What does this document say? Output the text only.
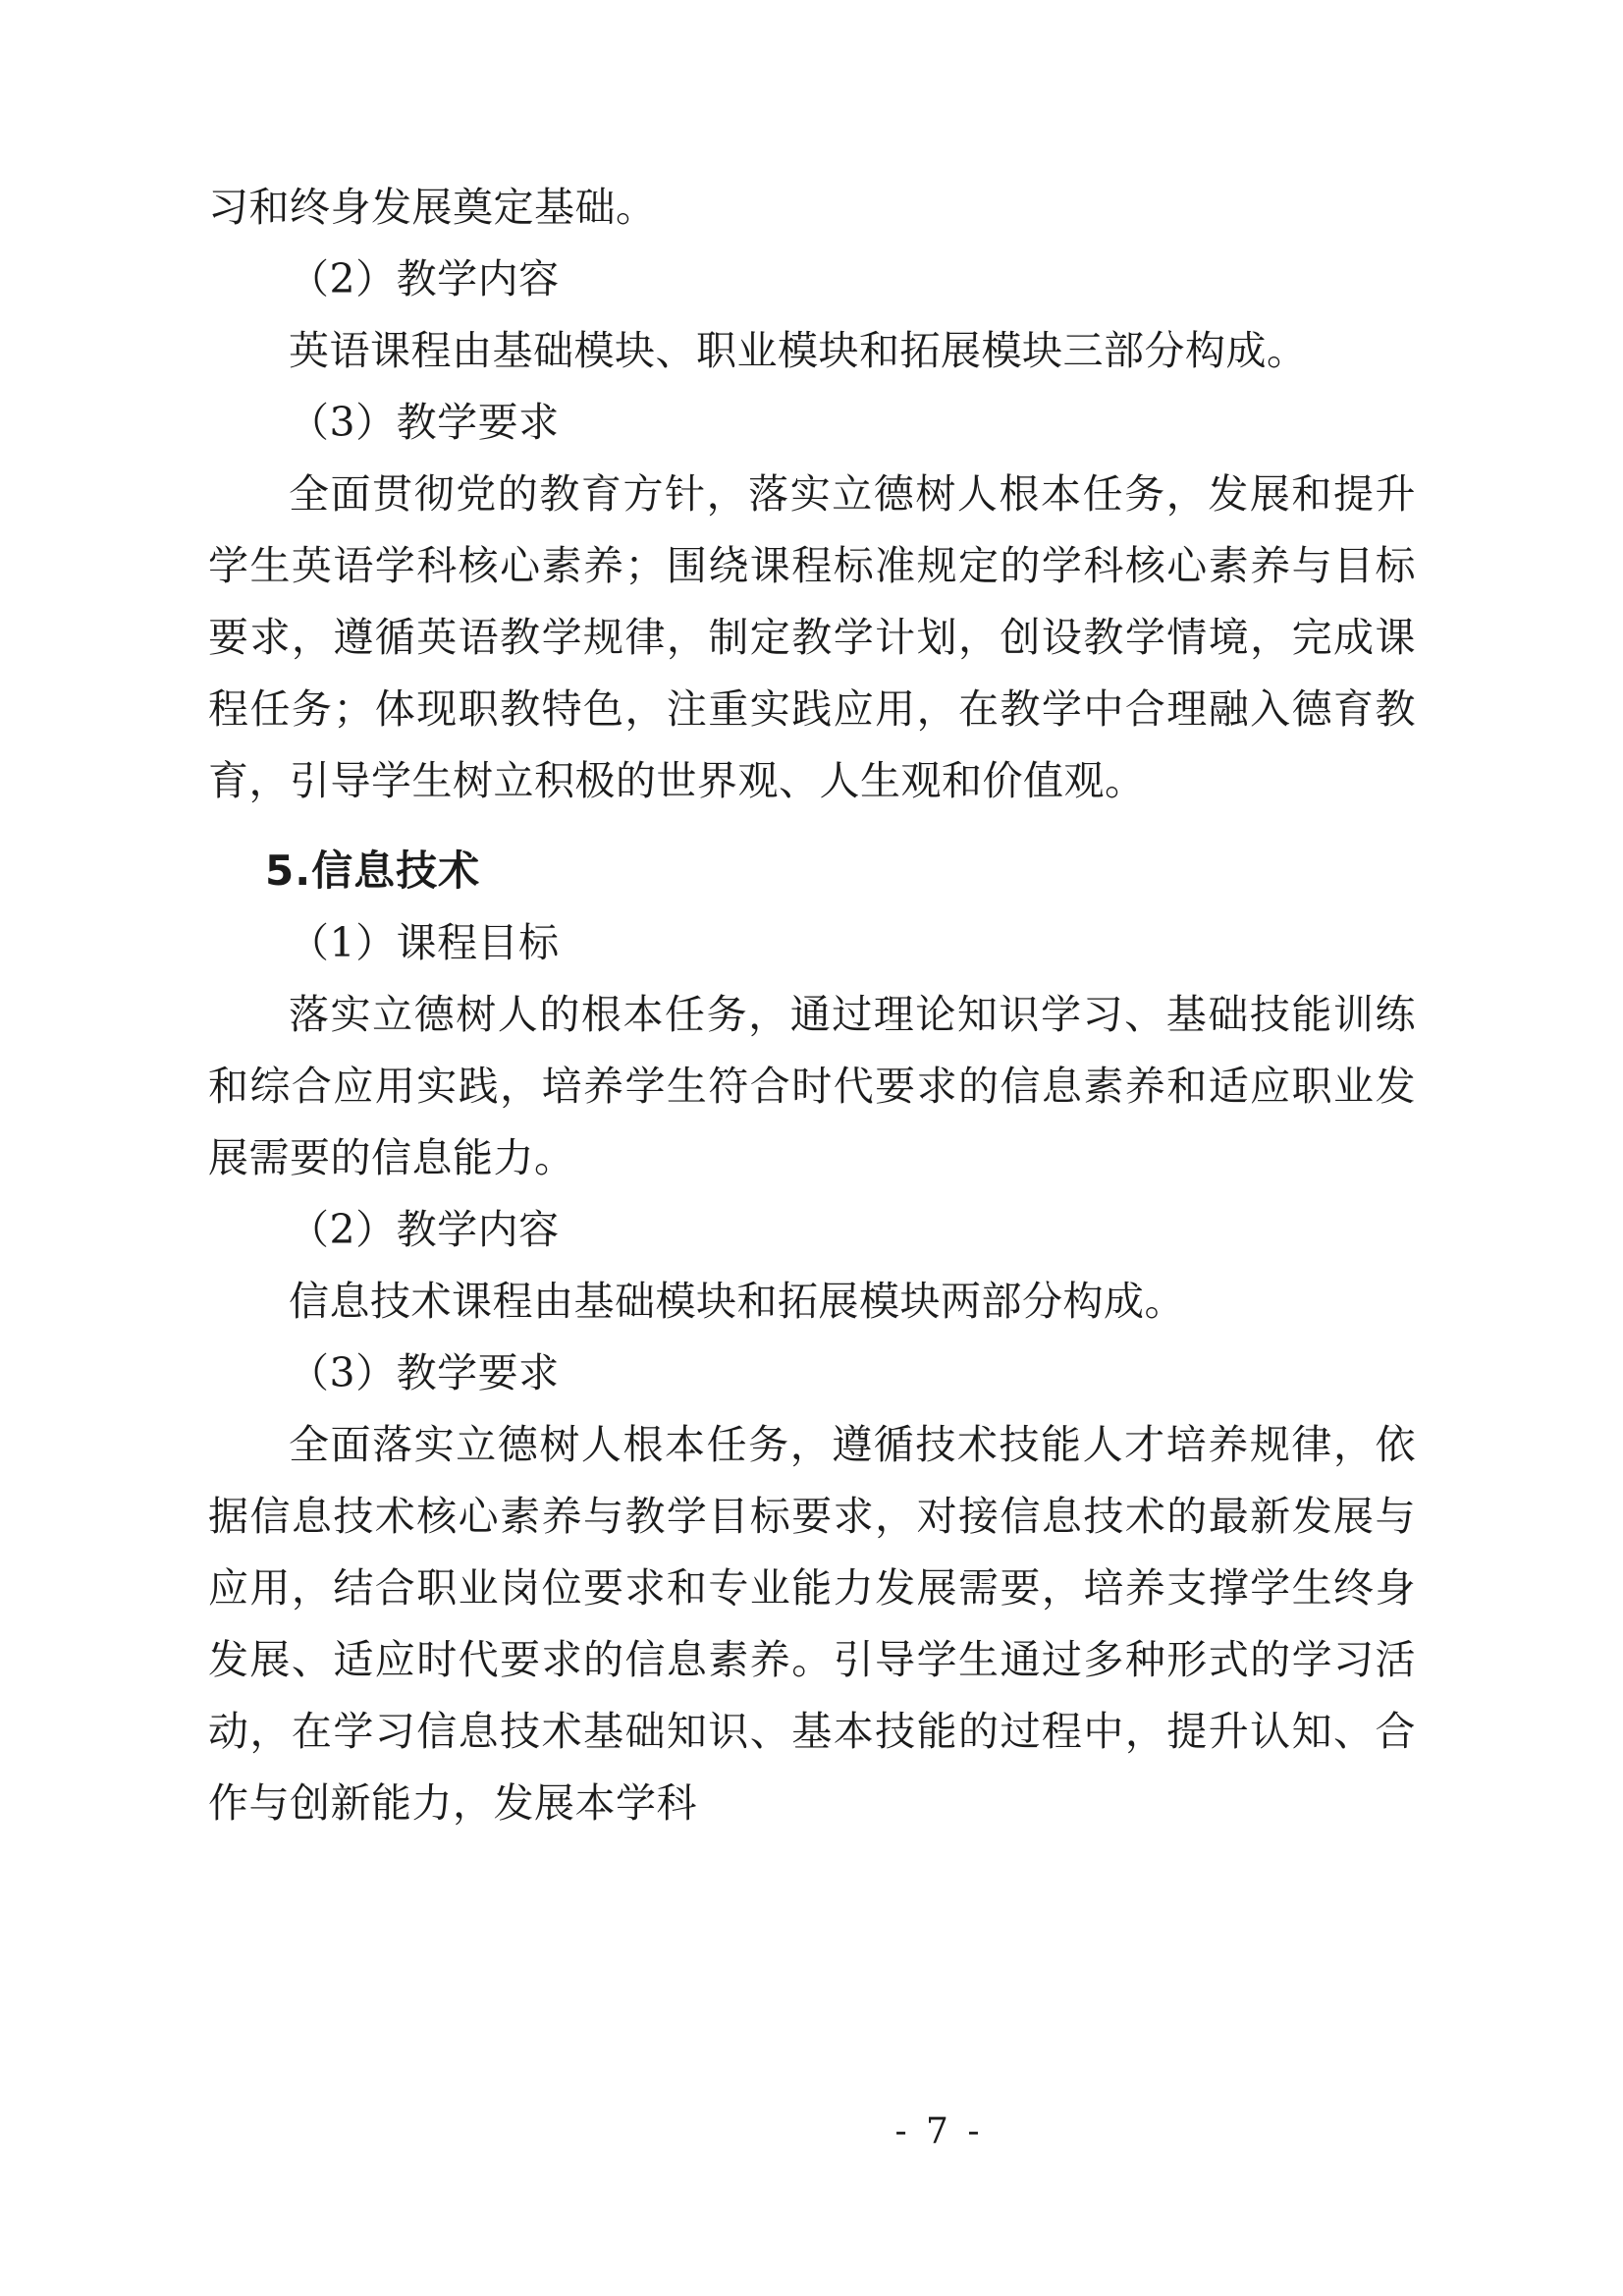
习和终身发展奠定基础。

（2）教学内容

英语课程由基础模块、职业模块和拓展模块三部分构成。

（3）教学要求

全面贯彻党的教育方针，落实立德树人根本任务，发展和提升学生英语学科核心素养；围绕课程标准规定的学科核心素养与目标要求，遵循英语教学规律，制定教学计划，创设教学情境，完成课程任务；体现职教特色，注重实践应用，在教学中合理融入德育教育，引导学生树立积极的世界观、人生观和价值观。

5.信息技术

（1）课程目标

落实立德树人的根本任务，通过理论知识学习、基础技能训练和综合应用实践，培养学生符合时代要求的信息素养和适应职业发展需要的信息能力。

（2）教学内容

信息技术课程由基础模块和拓展模块两部分构成。

（3）教学要求

全面落实立德树人根本任务，遵循技术技能人才培养规律，依据信息技术核心素养与教学目标要求，对接信息技术的最新发展与应用，结合职业岗位要求和专业能力发展需要，培养支撑学生终身发展、适应时代要求的信息素养。引导学生通过多种形式的学习活动，在学习信息技术基础知识、基本技能的过程中，提升认知、合作与创新能力，发展本学科

- 7 -
